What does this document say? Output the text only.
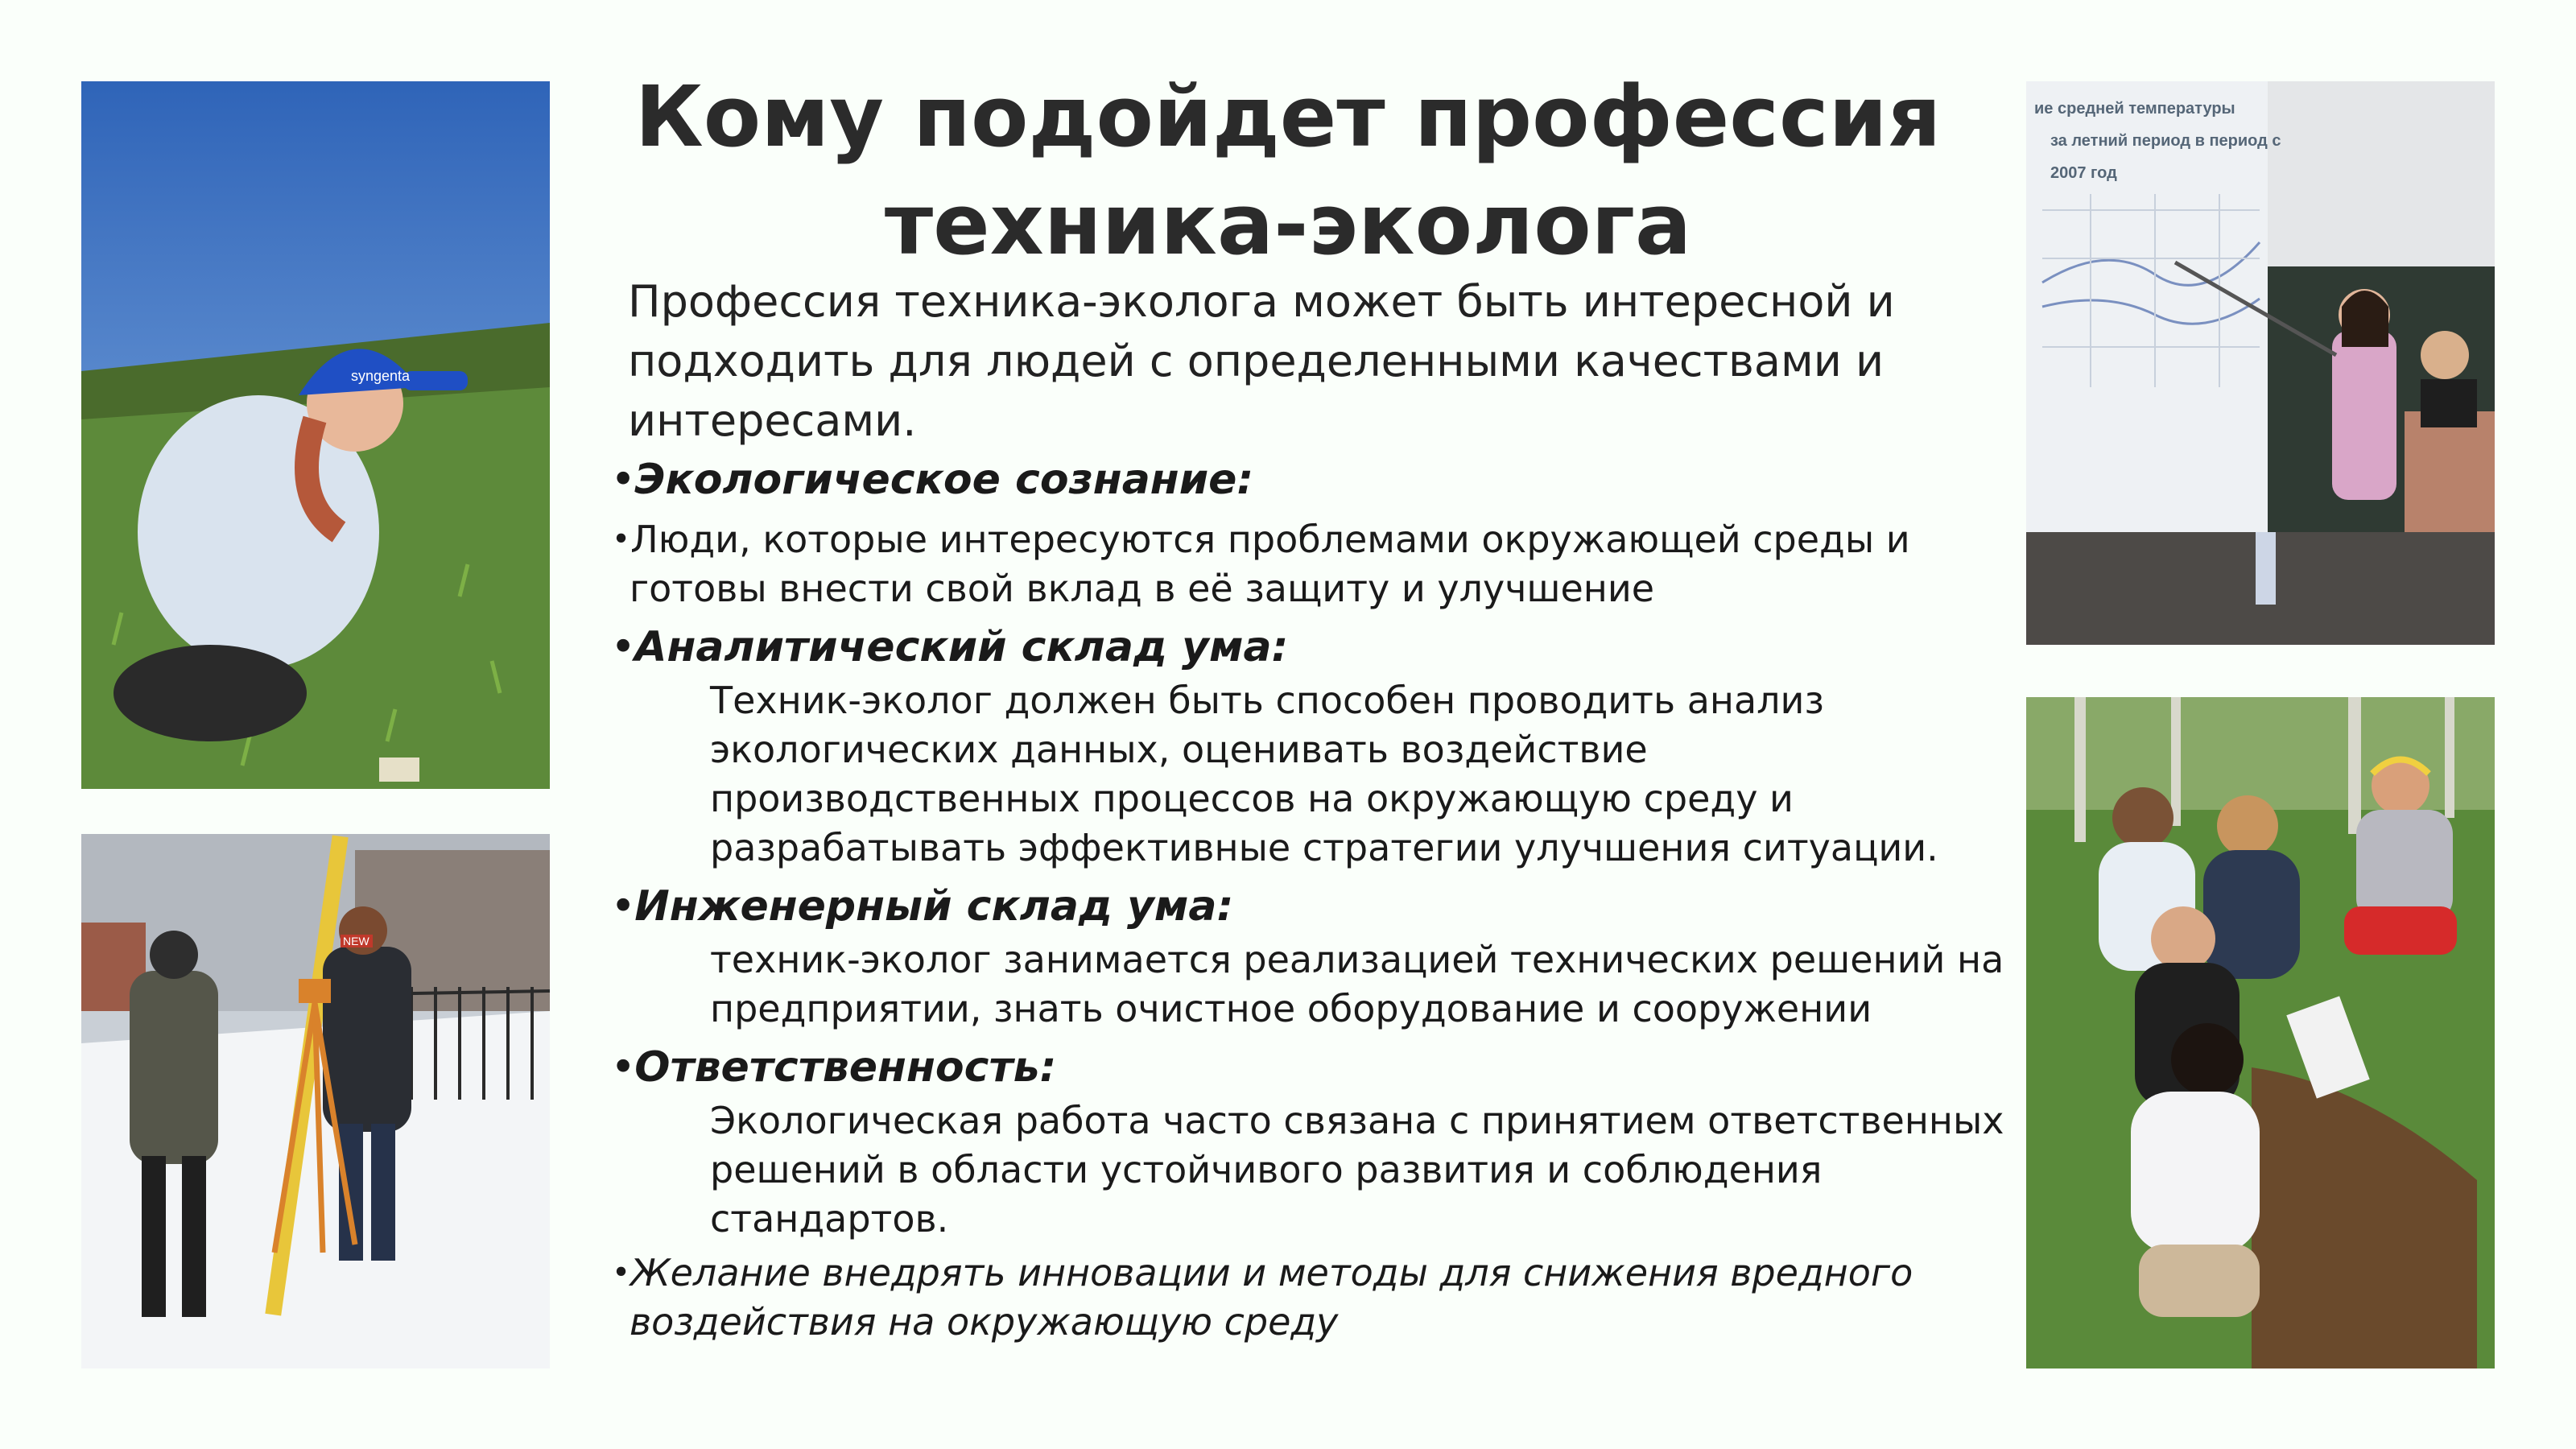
syngenta
NEW
ие средней температуры
за летний период в период с
2007 год
Кому подойдет профессия техника-эколога

Профессия техника-эколога может быть интересной и подходить для людей с определенными качествами и интересами.

•Экологическое сознание:

•Люди, которые интересуются проблемами окружающей среды и

готовы внести свой вклад в её защиту и улучшение

•Аналитический склад ума:

Техник-эколог должен быть способен проводить анализ экологических данных, оценивать воздействие производственных процессов на окружающую среду и разрабатывать эффективные стратегии улучшения ситуации.

•Инженерный склад ума:

техник-эколог занимается реализацией технических решений на предприятии, знать очистное оборудование и сооружении

•Ответственность:

Экологическая работа часто связана с принятием ответственных решений в области устойчивого развития и соблюдения стандартов.

•Желание внедрять инновации и методы для снижения вредного

воздействия на окружающую среду
